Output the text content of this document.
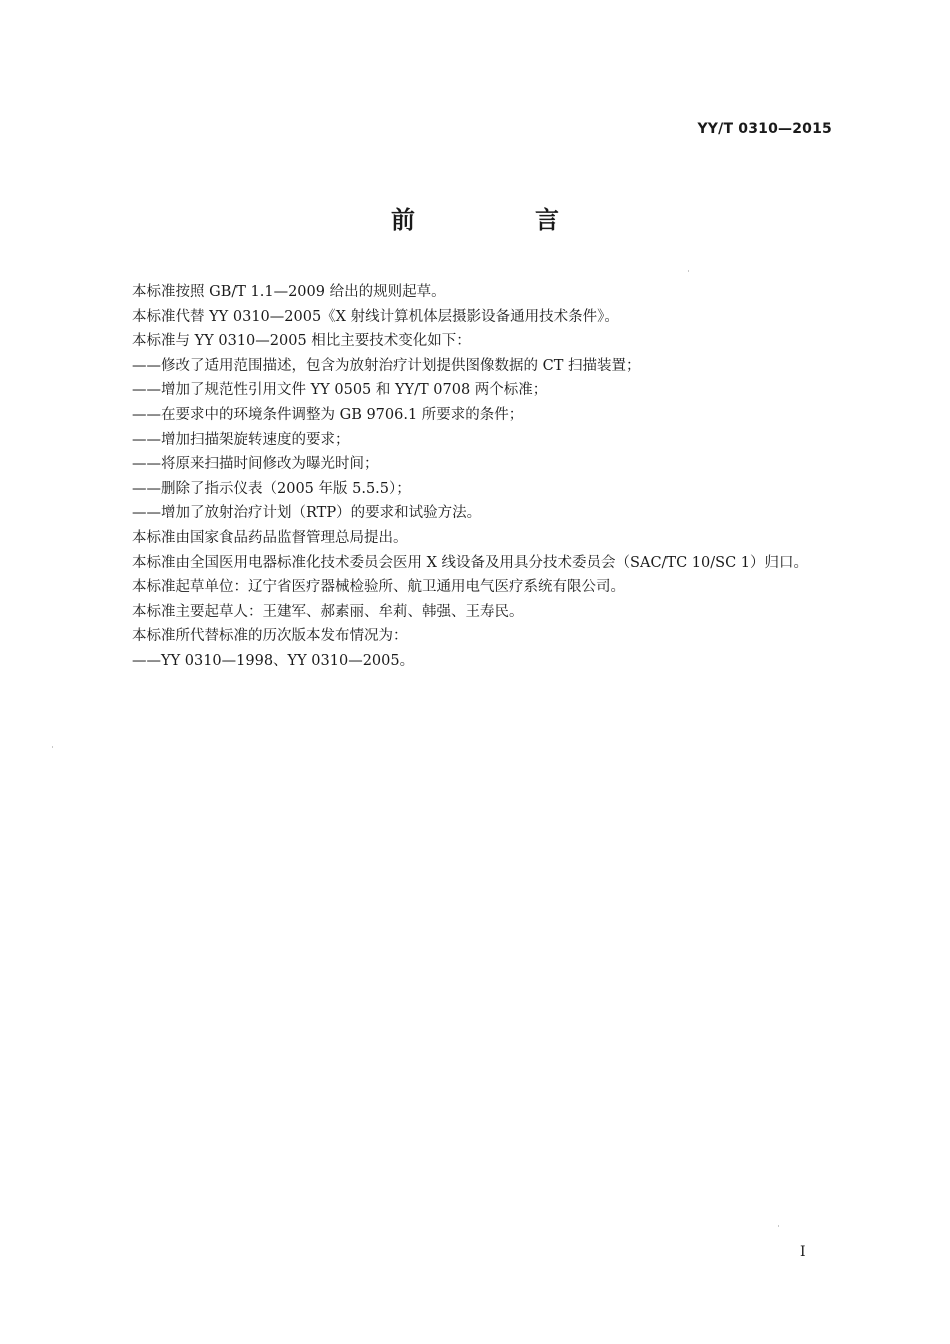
YY/T 0310—2015
前　言

本标准按照 GB/T 1.1—2009 给出的规则起草。

本标准代替 YY 0310—2005《X 射线计算机体层摄影设备通用技术条件》。

本标准与 YY 0310—2005 相比主要技术变化如下：

——修改了适用范围描述，包含为放射治疗计划提供图像数据的 CT 扫描装置；

——增加了规范性引用文件 YY 0505 和 YY/T 0708 两个标准；

——在要求中的环境条件调整为 GB 9706.1 所要求的条件；

——增加扫描架旋转速度的要求；

——将原来扫描时间修改为曝光时间；

——删除了指示仪表（2005 年版 5.5.5）；

——增加了放射治疗计划（RTP）的要求和试验方法。

本标准由国家食品药品监督管理总局提出。

本标准由全国医用电器标准化技术委员会医用 X 线设备及用具分技术委员会（SAC/TC 10/SC 1）归口。

本标准起草单位：辽宁省医疗器械检验所、航卫通用电气医疗系统有限公司。

本标准主要起草人：王建军、郝素丽、牟莉、韩强、王寿民。

本标准所代替标准的历次版本发布情况为：

——YY 0310—1998、YY 0310—2005。

I
